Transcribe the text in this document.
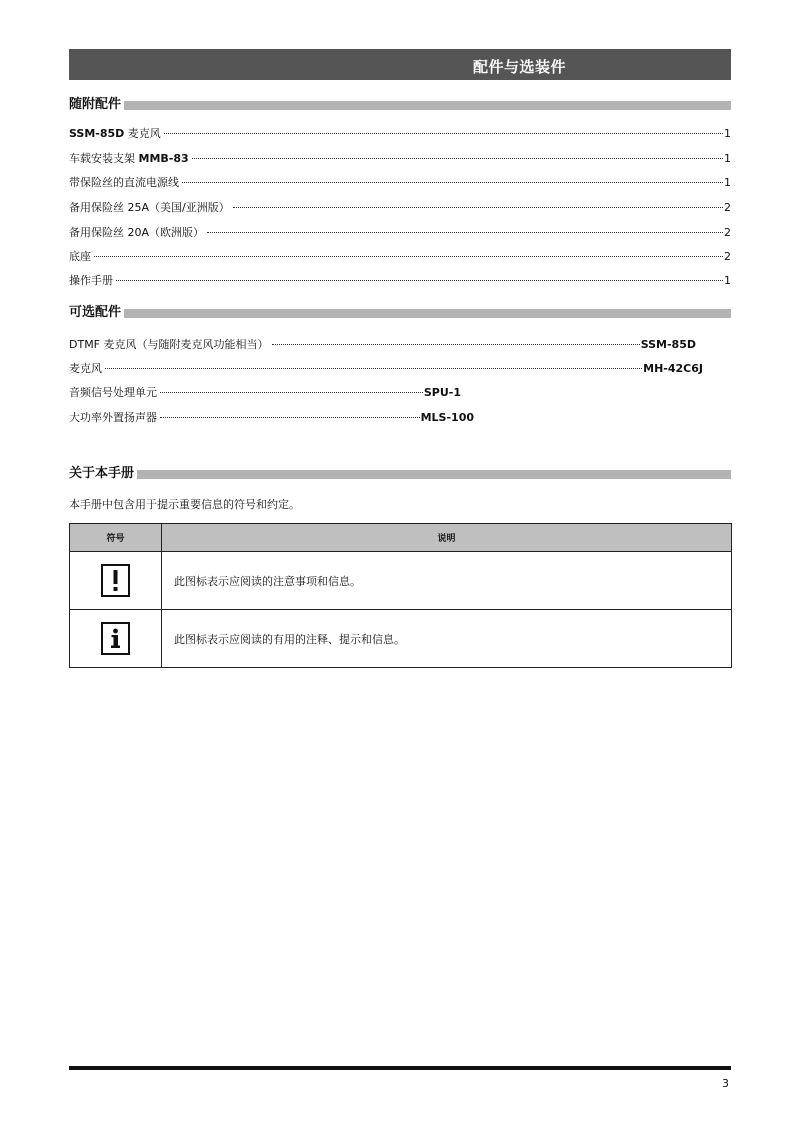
配件与选装件
随附配件
SSM-85D 麦克风	1
车载安装支架 MMB-83	1
带保险丝的直流电源线	1
备用保险丝 25A（美国/亚洲版）	2
备用保险丝 20A（欧洲版）	2
底座	2
操作手册	1
可选配件
DTMF 麦克风（与随附麦克风功能相当）	SSM-85D
麦克风	MH-42C6J
音频信号处理单元	SPU-1
大功率外置扬声器	MLS-100
关于本手册
本手册中包含用于提示重要信息的符号和约定。
符号	说明

	此图标表示应阅读的注意事项和信息。

	此图标表示应阅读的有用的注释、提示和信息。
3
